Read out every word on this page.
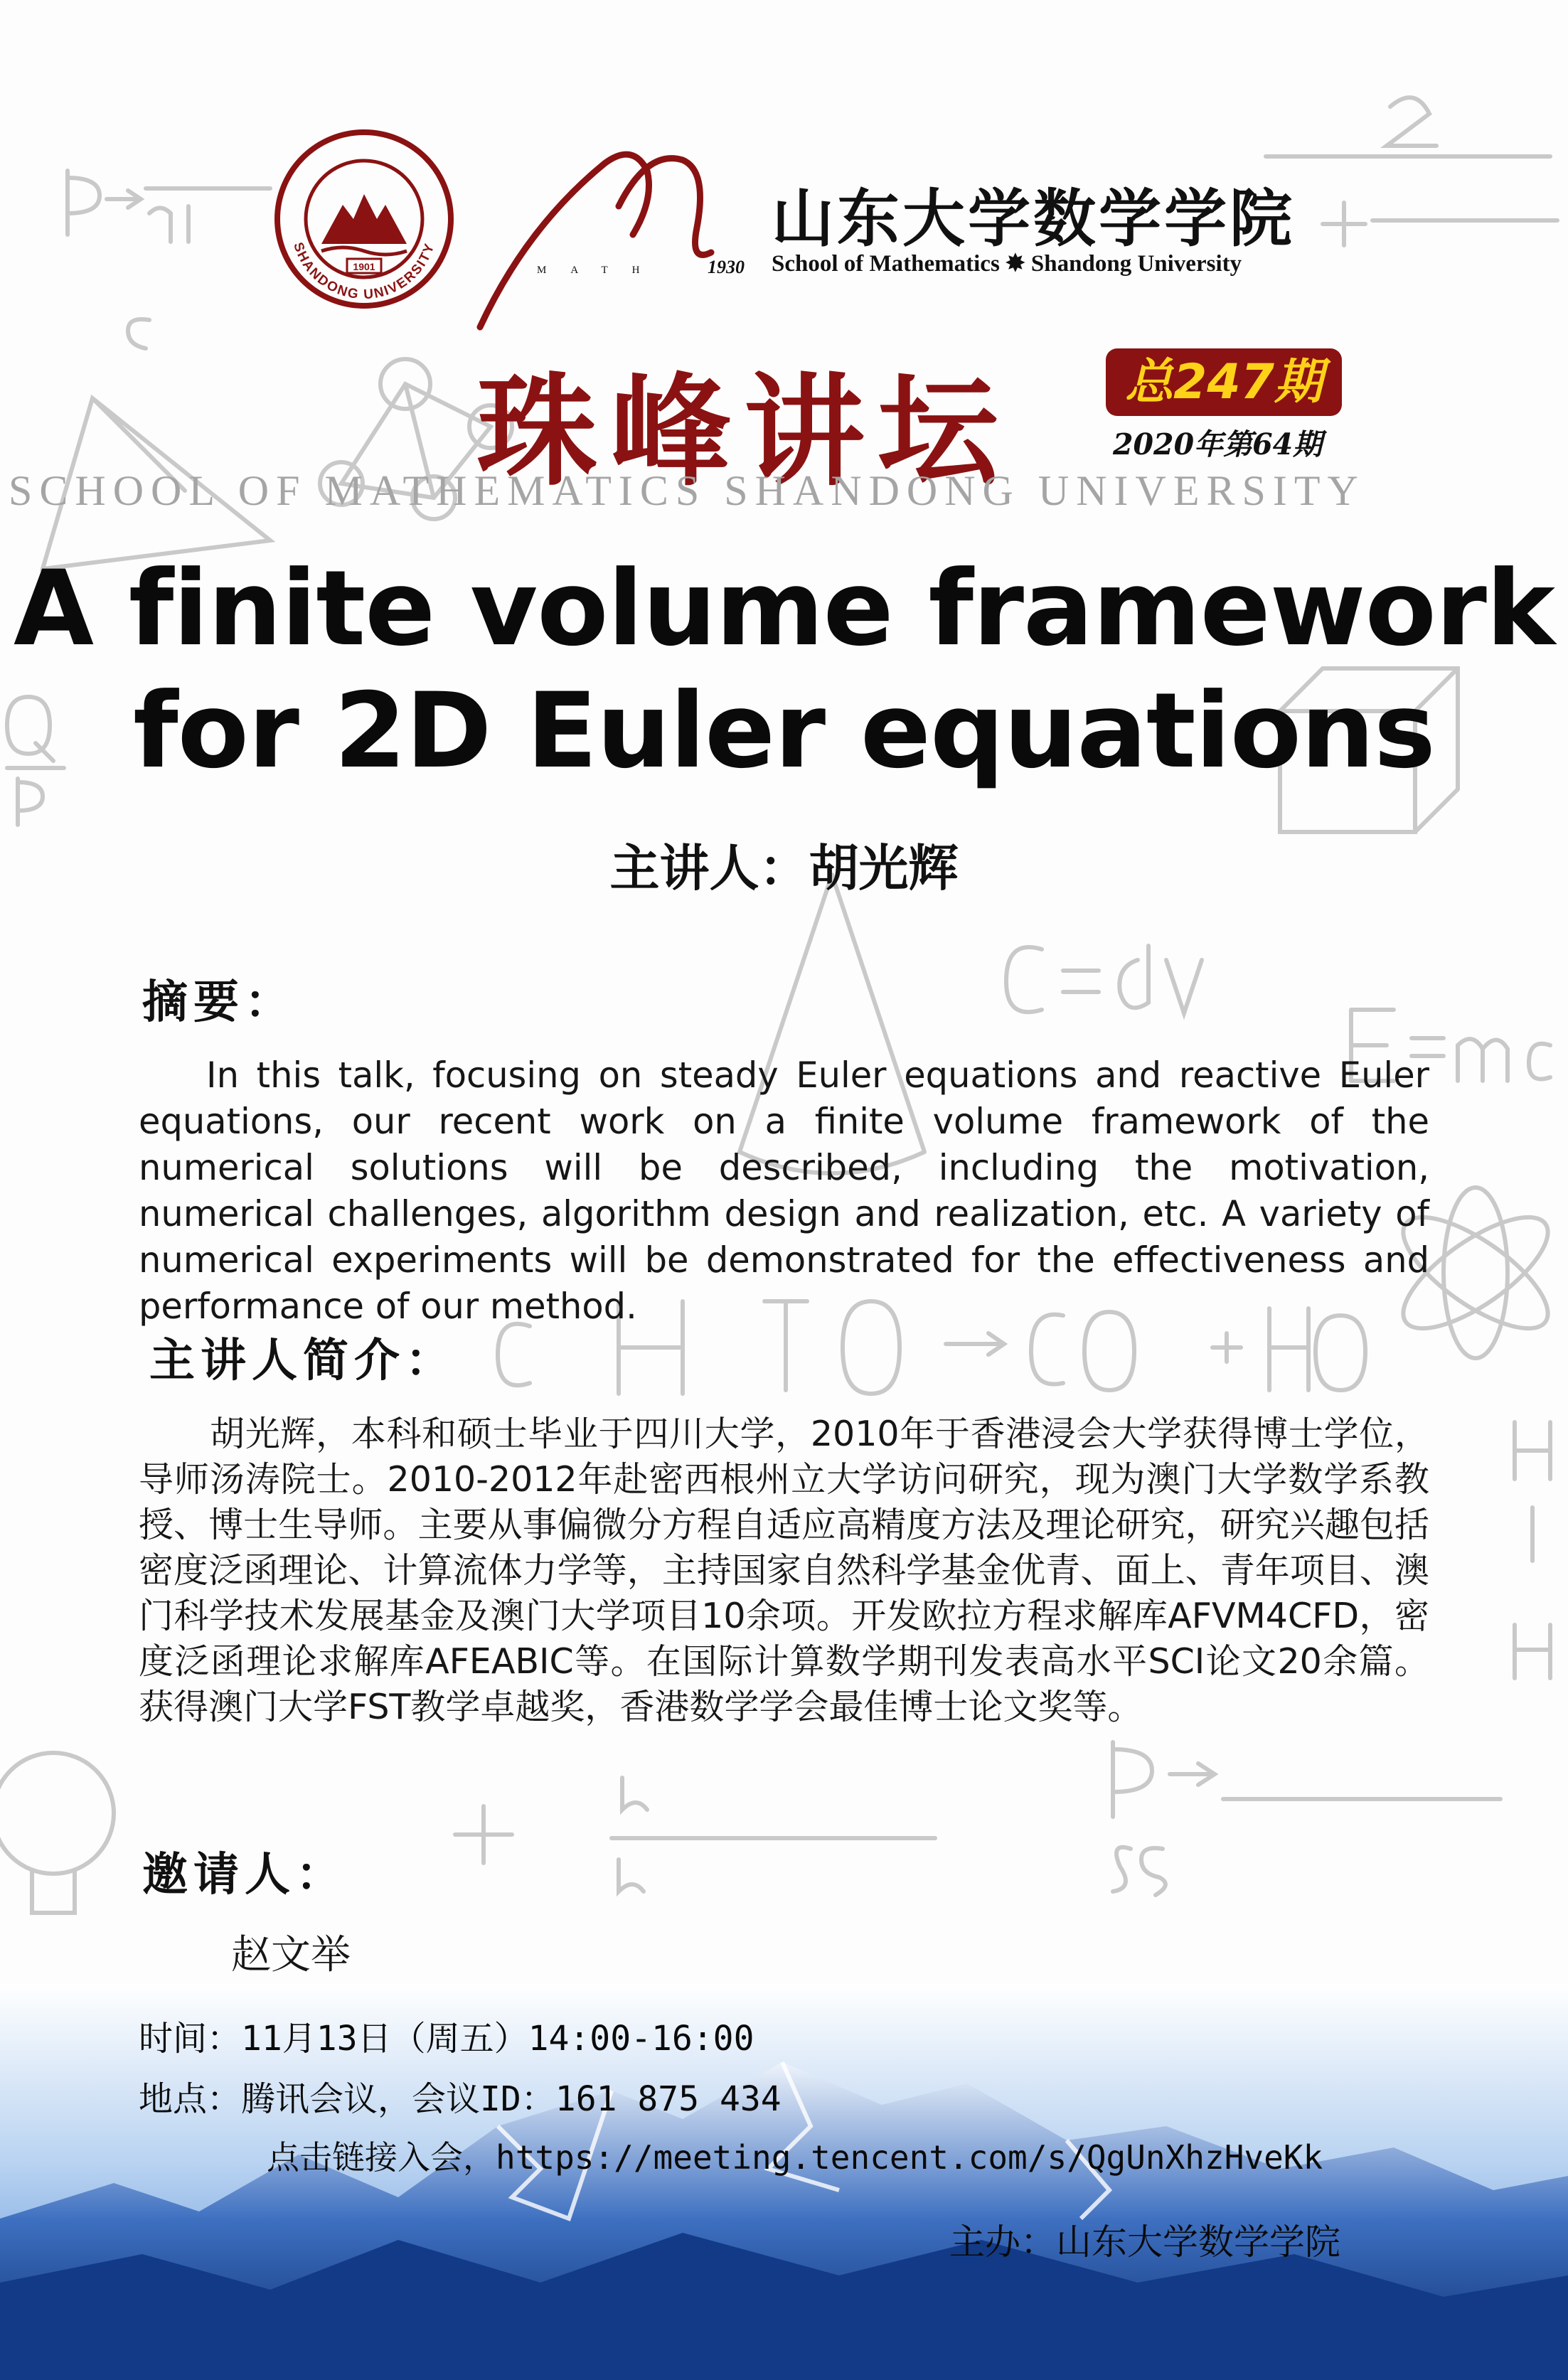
1901
SHANDONG UNIVERSITY
MATH 1930
山东大学数学学院
School of Mathematics ✸ Shandong University
珠峰讲坛	总247期
2020年第64期
SCHOOL OF MATHEMATICS SHANDONG UNIVERSITY
A finite volume framework
for 2D Euler equations
主讲人：胡光辉
摘要：
In this talk, focusing on steady Euler equations and reactive Euler equations, our recent work on a finite volume framework of the numerical solutions will be described, including the motivation, numerical challenges, algorithm design and realization, etc. A variety of numerical experiments will be demonstrated for the effectiveness and performance of our method.
主讲人简介：
胡光辉，本科和硕士毕业于四川大学，2010年于香港浸会大学获得博士学位，导师汤涛院士。2010-2012年赴密西根州立大学访问研究，现为澳门大学数学系教授、博士生导师。主要从事偏微分方程自适应高精度方法及理论研究，研究兴趣包括密度泛函理论、计算流体力学等，主持国家自然科学基金优青、面上、青年项目、澳门科学技术发展基金及澳门大学项目10余项。开发欧拉方程求解库AFVM4CFD，密度泛函理论求解库AFEABIC等。在国际计算数学期刊发表高水平SCI论文20余篇。获得澳门大学FST教学卓越奖，香港数学学会最佳博士论文奖等。
邀请人：
赵文举
时间：11月13日（周五）14:00-16:00
地点：腾讯会议，会议ID：161 875 434
点击链接入会，https://meeting.tencent.com/s/QgUnXhzHveKk
主办：山东大学数学学院
